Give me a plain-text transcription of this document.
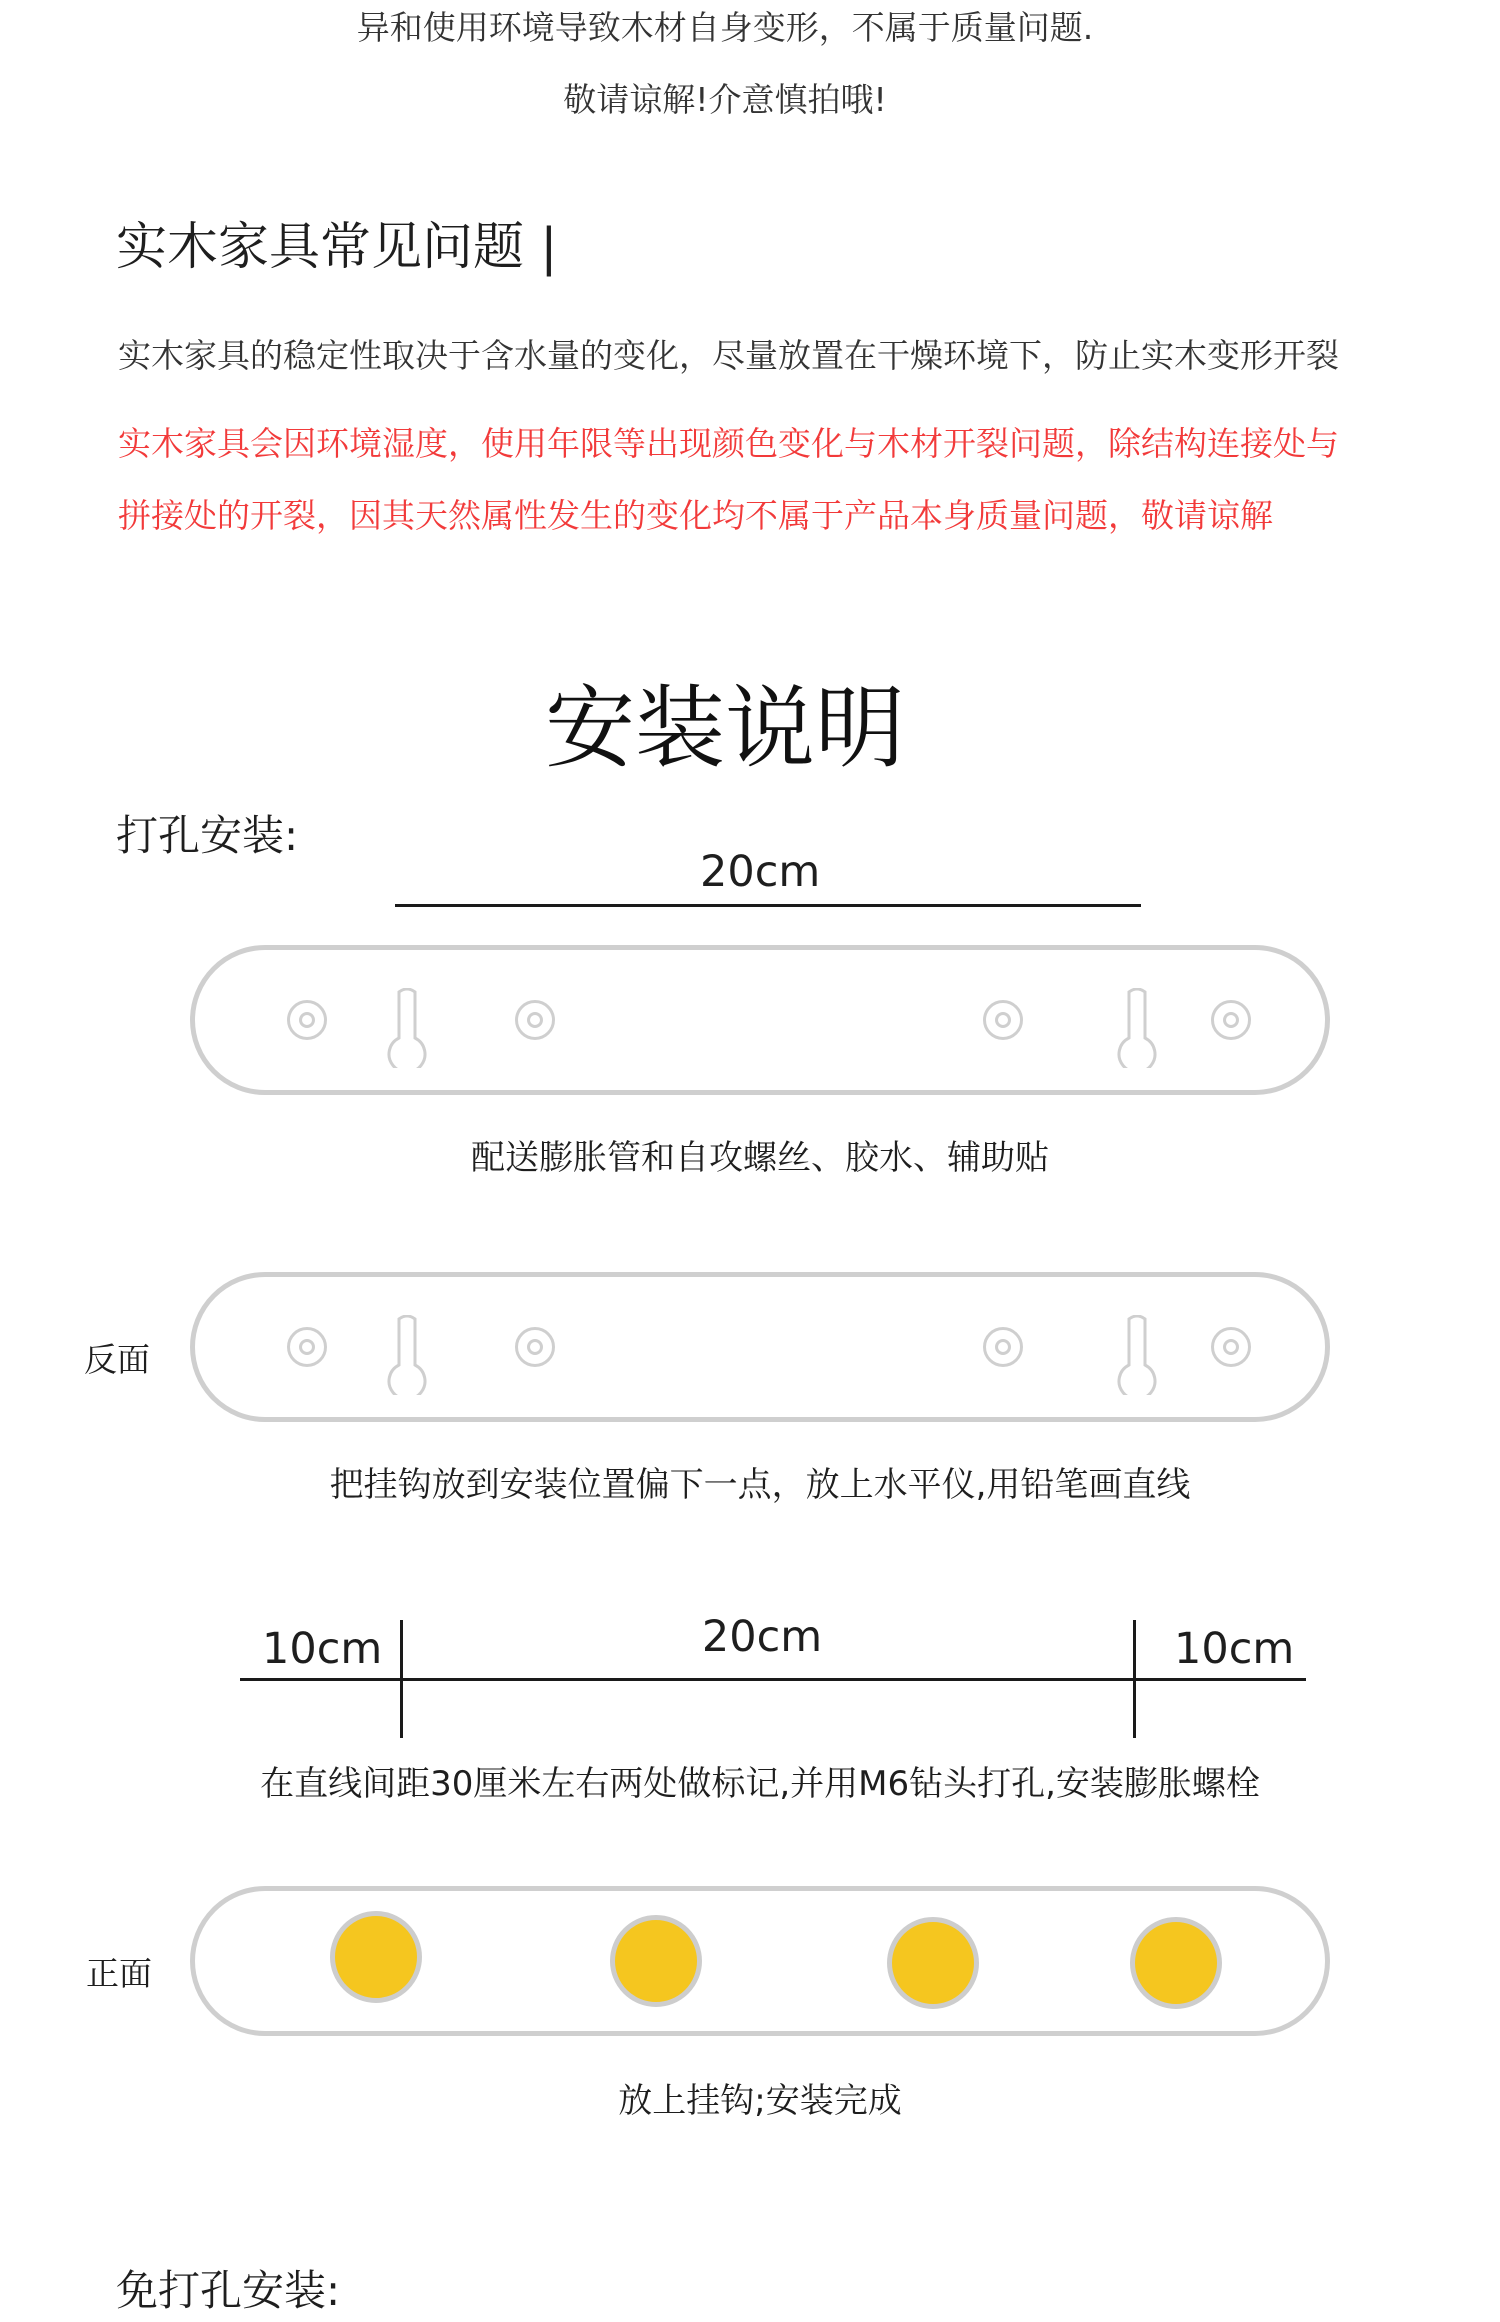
异和使用环境导致木材自身变形，不属于质量问题.
敬请谅解!介意慎拍哦!
实木家具常见问题 |
实木家具的稳定性取决于含水量的变化，尽量放置在干燥环境下，防止实木变形开裂
实木家具会因环境湿度，使用年限等出现颜色变化与木材开裂问题，除结构连接处与
拼接处的开裂，因其天然属性发生的变化均不属于产品本身质量问题，敬请谅解
安装说明
打孔安装:
20cm
配送膨胀管和自攻螺丝、胶水、辅助贴
反面
把挂钩放到安装位置偏下一点，放上水平仪,用铅笔画直线
10cm	20cm	10cm
在直线间距30厘米左右两处做标记,并用M6钻头打孔,安装膨胀螺栓
正面
放上挂钩;安装完成
免打孔安装:
